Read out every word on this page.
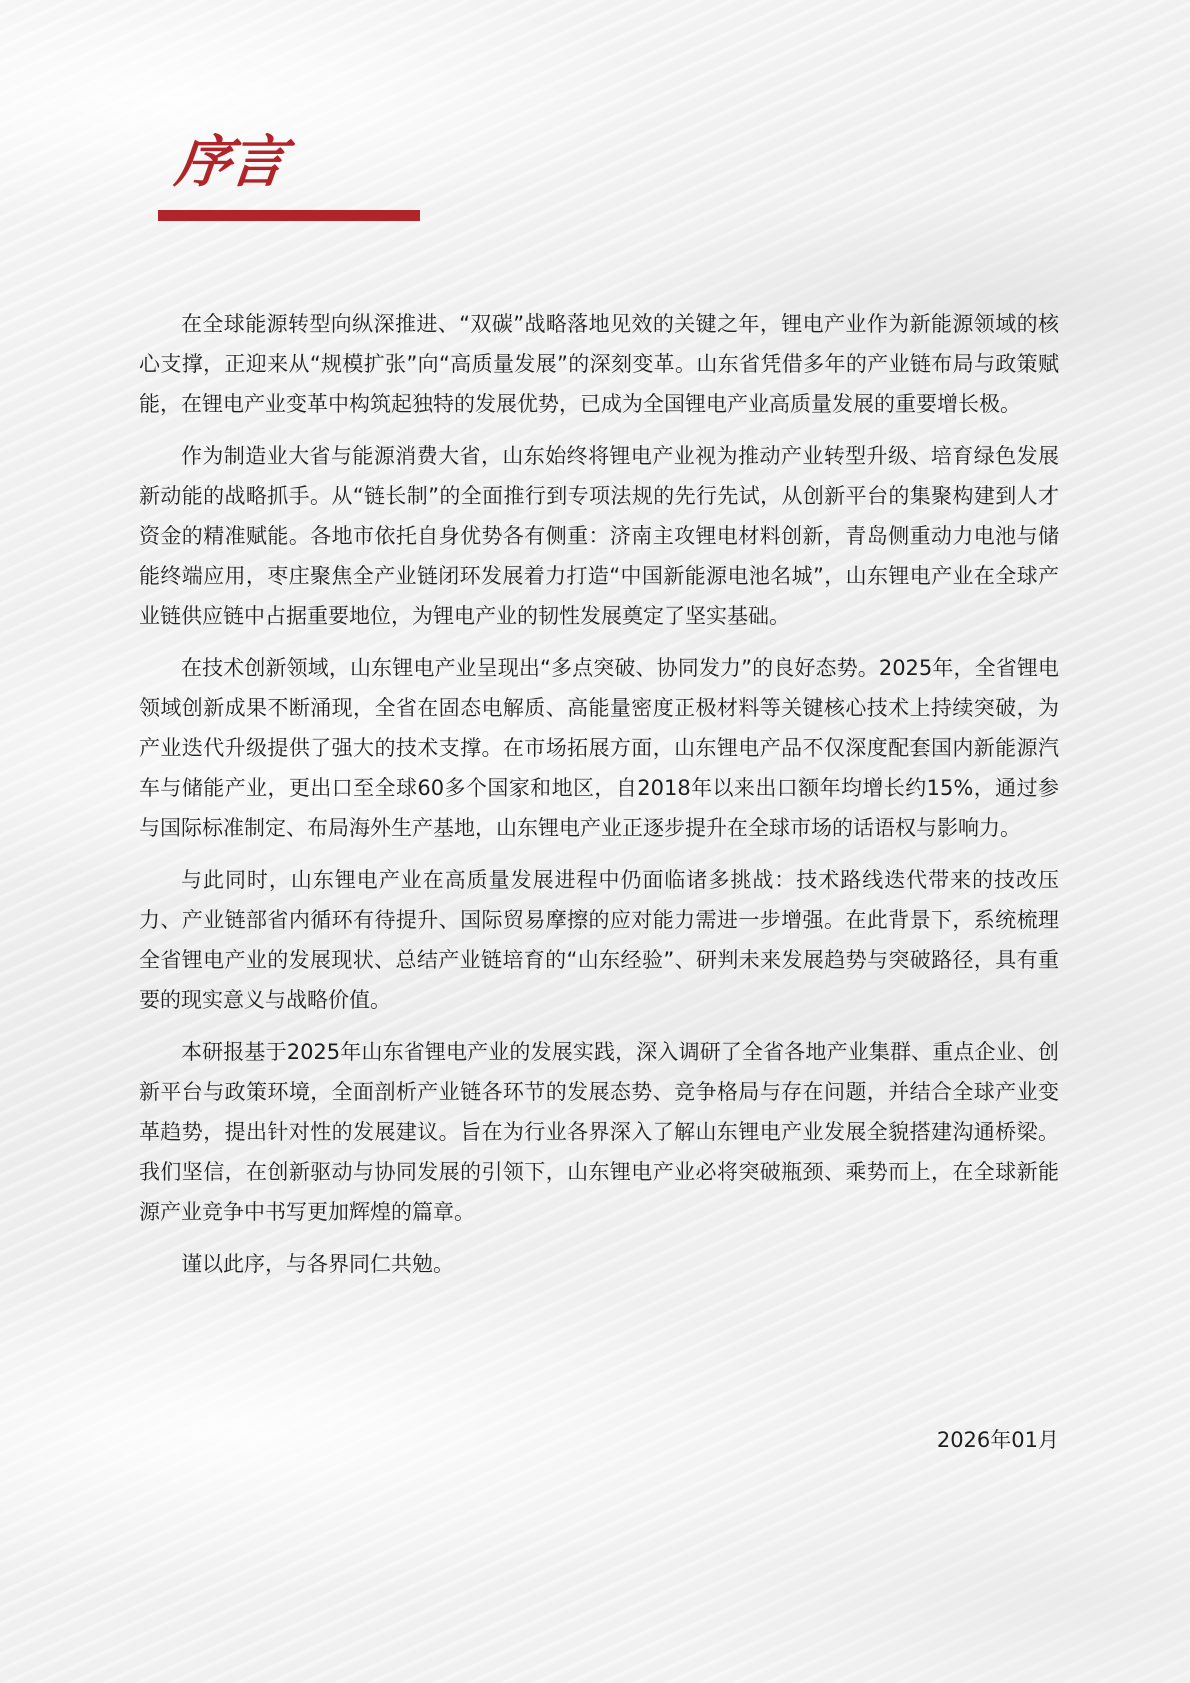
序言

在全球能源转型向纵深推进、“双碳”战略落地见效的关键之年，锂电产业作为新能源领域的核心支撑，正迎来从“规模扩张”向“高质量发展”的深刻变革。山东省凭借多年的产业链布局与政策赋能，在锂电产业变革中构筑起独特的发展优势，已成为全国锂电产业高质量发展的重要增长极。

作为制造业大省与能源消费大省，山东始终将锂电产业视为推动产业转型升级、培育绿色发展新动能的战略抓手。从“链长制”的全面推行到专项法规的先行先试，从创新平台的集聚构建到人才资金的精准赋能。各地市依托自身优势各有侧重：济南主攻锂电材料创新，青岛侧重动力电池与储能终端应用，枣庄聚焦全产业链闭环发展着力打造“中国新能源电池名城”，山东锂电产业在全球产业链供应链中占据重要地位，为锂电产业的韧性发展奠定了坚实基础。

在技术创新领域，山东锂电产业呈现出“多点突破、协同发力”的良好态势。2025年，全省锂电领域创新成果不断涌现，全省在固态电解质、高能量密度正极材料等关键核心技术上持续突破，为产业迭代升级提供了强大的技术支撑。在市场拓展方面，山东锂电产品不仅深度配套国内新能源汽车与储能产业，更出口至全球60多个国家和地区，自2018年以来出口额年均增长约15%，通过参与国际标准制定、布局海外生产基地，山东锂电产业正逐步提升在全球市场的话语权与影响力。

与此同时，山东锂电产业在高质量发展进程中仍面临诸多挑战：技术路线迭代带来的技改压力、产业链部省内循环有待提升、国际贸易摩擦的应对能力需进一步增强。在此背景下，系统梳理全省锂电产业的发展现状、总结产业链培育的“山东经验”、研判未来发展趋势与突破路径，具有重要的现实意义与战略价值。

本研报基于2025年山东省锂电产业的发展实践，深入调研了全省各地产业集群、重点企业、创新平台与政策环境，全面剖析产业链各环节的发展态势、竞争格局与存在问题，并结合全球产业变革趋势，提出针对性的发展建议。旨在为行业各界深入了解山东锂电产业发展全貌搭建沟通桥梁。我们坚信，在创新驱动与协同发展的引领下，山东锂电产业必将突破瓶颈、乘势而上，在全球新能源产业竞争中书写更加辉煌的篇章。

谨以此序，与各界同仁共勉。

2026年01月
